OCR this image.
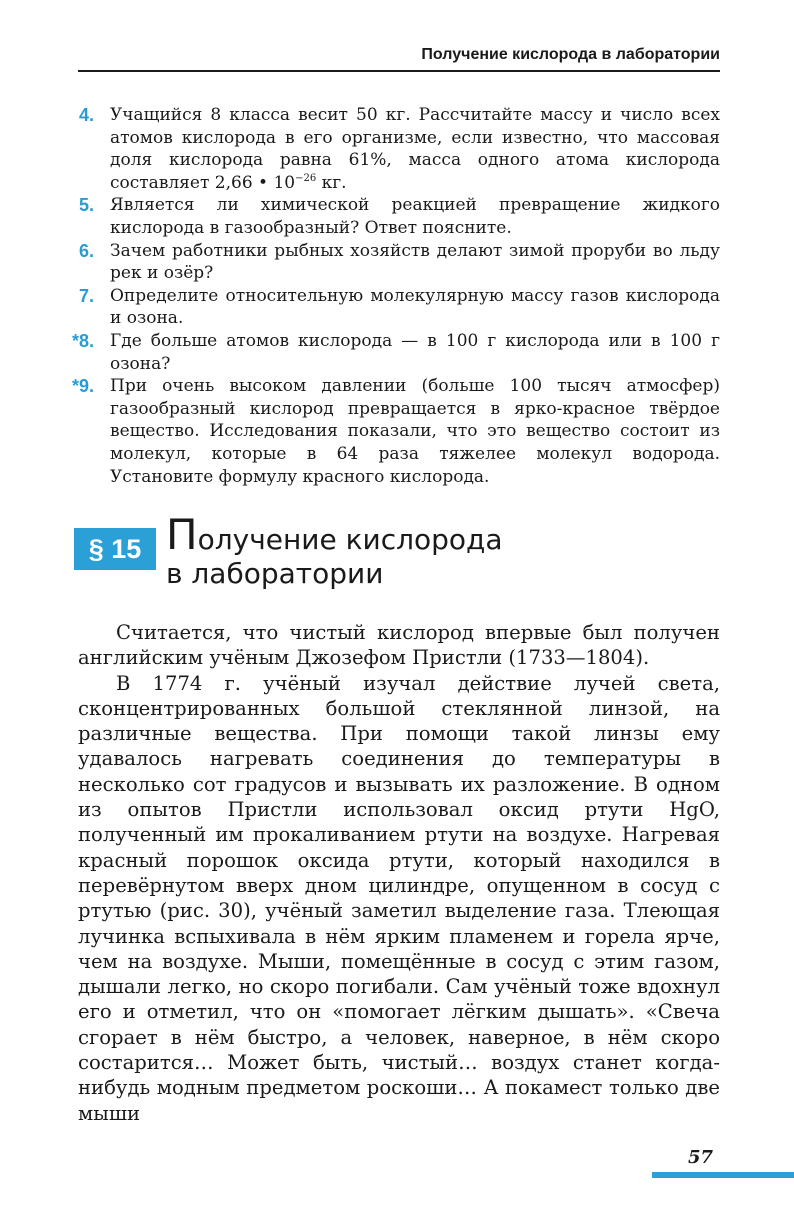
Получение кислорода в лаборатории
4. Учащийся 8 класса весит 50 кг. Рассчитайте массу и число всех атомов кислорода в его организме, если известно, что массовая доля кислорода равна 61%, масса одного атома кислорода составляет 2,66 • $10^{-26}$ кг.
5. Является ли химической реакцией превращение жидкого кислорода в газообразный? Ответ поясните.
6. Зачем работники рыбных хозяйств делают зимой проруби во льду рек и озёр?
7. Определите относительную молекулярную массу газов кислорода и озона.
*8. Где больше атомов кислорода — в 100 г кислорода или в 100 г озона?
*9. При очень высоком давлении (больше 100 тысяч атмосфер) газообразный кислород превращается в ярко-красное твёрдое вещество. Исследования показали, что это вещество состоит из молекул, которые в 64 раза тяжелее молекул водорода. Установите формулу красного кислорода.
§ 15 Получение кислорода
в лаборатории

Считается, что чистый кислород впервые был получен английским учёным Джозефом Пристли (1733—1804).

В 1774 г. учёный изучал действие лучей света, сконцентрированных большой стеклянной линзой, на различные вещества. При помощи такой линзы ему удавалось нагревать соединения до температуры в несколько сот градусов и вызывать их разложение. В одном из опытов Пристли использовал оксид ртути HgO, полученный им прокаливанием ртути на воздухе. Нагревая красный порошок оксида ртути, который находился в перевёрнутом вверх дном цилиндре, опущенном в сосуд с ртутью (рис. 30), учёный заметил выделение газа. Тлеющая лучинка вспыхивала в нём ярким пламенем и горела ярче, чем на воздухе. Мыши, помещённые в сосуд с этим газом, дышали легко, но скоро погибали. Сам учёный тоже вдохнул его и отметил, что он «помогает лёгким дышать». «Свеча сгорает в нём быстро, а человек, наверное, в нём скоро состарится… Может быть, чистый… воздух станет когда-нибудь модным предметом роскоши… А покамест только две мыши

57
